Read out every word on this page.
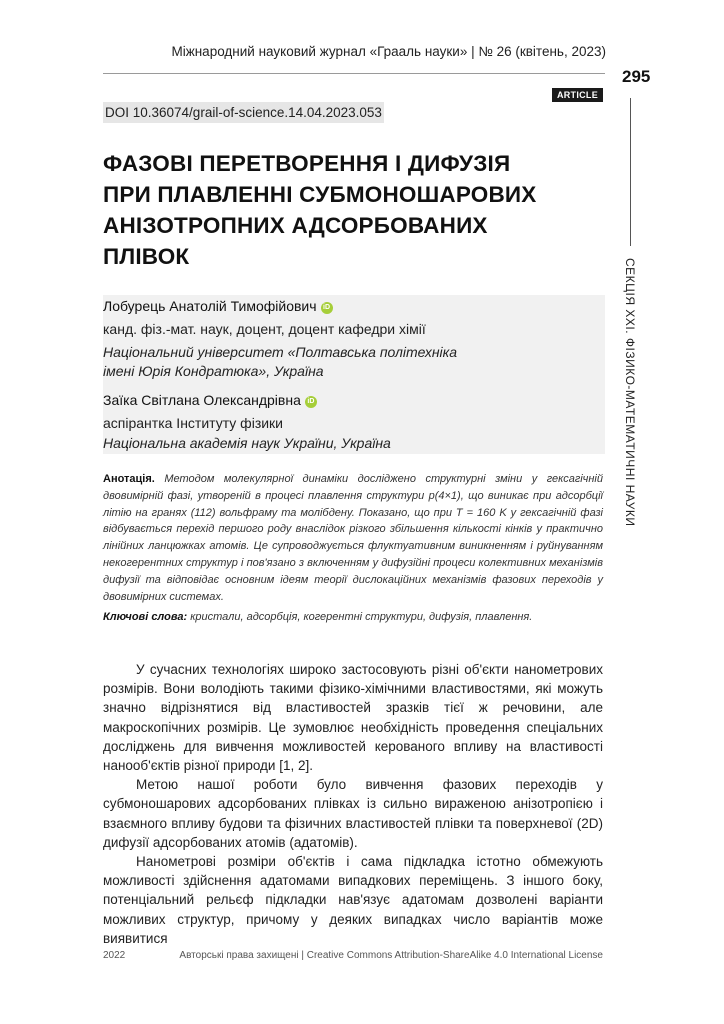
Міжнародний науковий журнал «Грааль науки» | № 26 (квітень, 2023)
295
ARTICLE
СЕКЦІЯ XXI. ФІЗИКО-МАТЕМАТИЧНІ НАУКИ
DOI 10.36074/grail-of-science.14.04.2023.053
ФАЗОВІ ПЕРЕТВОРЕННЯ І ДИФУЗІЯ
ПРИ ПЛАВЛЕННІ СУБМОНОШАРОВИХ
АНІЗОТРОПНИХ АДСОРБОВАНИХ
ПЛІВОК
Лобурець Анатолій Тимофійович iD
канд. фіз.-мат. наук, доцент, доцент кафедри хімії
Національний університет «Полтавська політехніка
імені Юрія Кондратюка», Україна
Заїка Світлана Олександрівна iD
аспірантка Інституту фізики
Національна академія наук України, Україна
Анотація. Методом молекулярної динаміки досліджено структурні зміни у гексагічній двовимірній фазі, утвореній в процесі плавлення структури p(4×1), що виникає при адсорбції літію на гранях (112) вольфраму та молібдену. Показано, що при T = 160 K у гексагічній фазі відбувається перехід першого роду внаслідок різкого збільшення кількості кінків у практично лінійних ланцюжках атомів. Це супроводжується флуктуативним виникненням і руйнуванням некогерентних структур і пов'язано з включенням у дифузійні процеси колективних механізмів дифузії та відповідає основним ідеям теорії дислокаційних механізмів фазових переходів у двовимірних системах.
Ключові слова: кристали, адсорбція, когерентні структури, дифузія, плавлення.

У сучасних технологіях широко застосовують різні об'єкти нанометрових розмірів. Вони володіють такими фізико-хімічними властивостями, які можуть значно відрізнятися від властивостей зразків тієї ж речовини, але макроскопічних розмірів. Це зумовлює необхідність проведення спеціальних досліджень для вивчення можливостей керованого впливу на властивості нанооб'єктів різної природи [1, 2].

Метою нашої роботи було вивчення фазових переходів у субмоношарових адсорбованих плівках із сильно вираженою анізотропією і взаємного впливу будови та фізичних властивостей плівки та поверхневої (2D) дифузії адсорбованих атомів (адатомів).

Нанометрові розміри об'єктів і сама підкладка істотно обмежують можливості здійснення адатомами випадкових переміщень. З іншого боку, потенціальний рельєф підкладки нав'язує адатомам дозволені варіанти можливих структур, причому у деяких випадках число варіантів може виявитися

2022	Авторські права захищені | Creative Commons Attribution-ShareAlike 4.0 International License
